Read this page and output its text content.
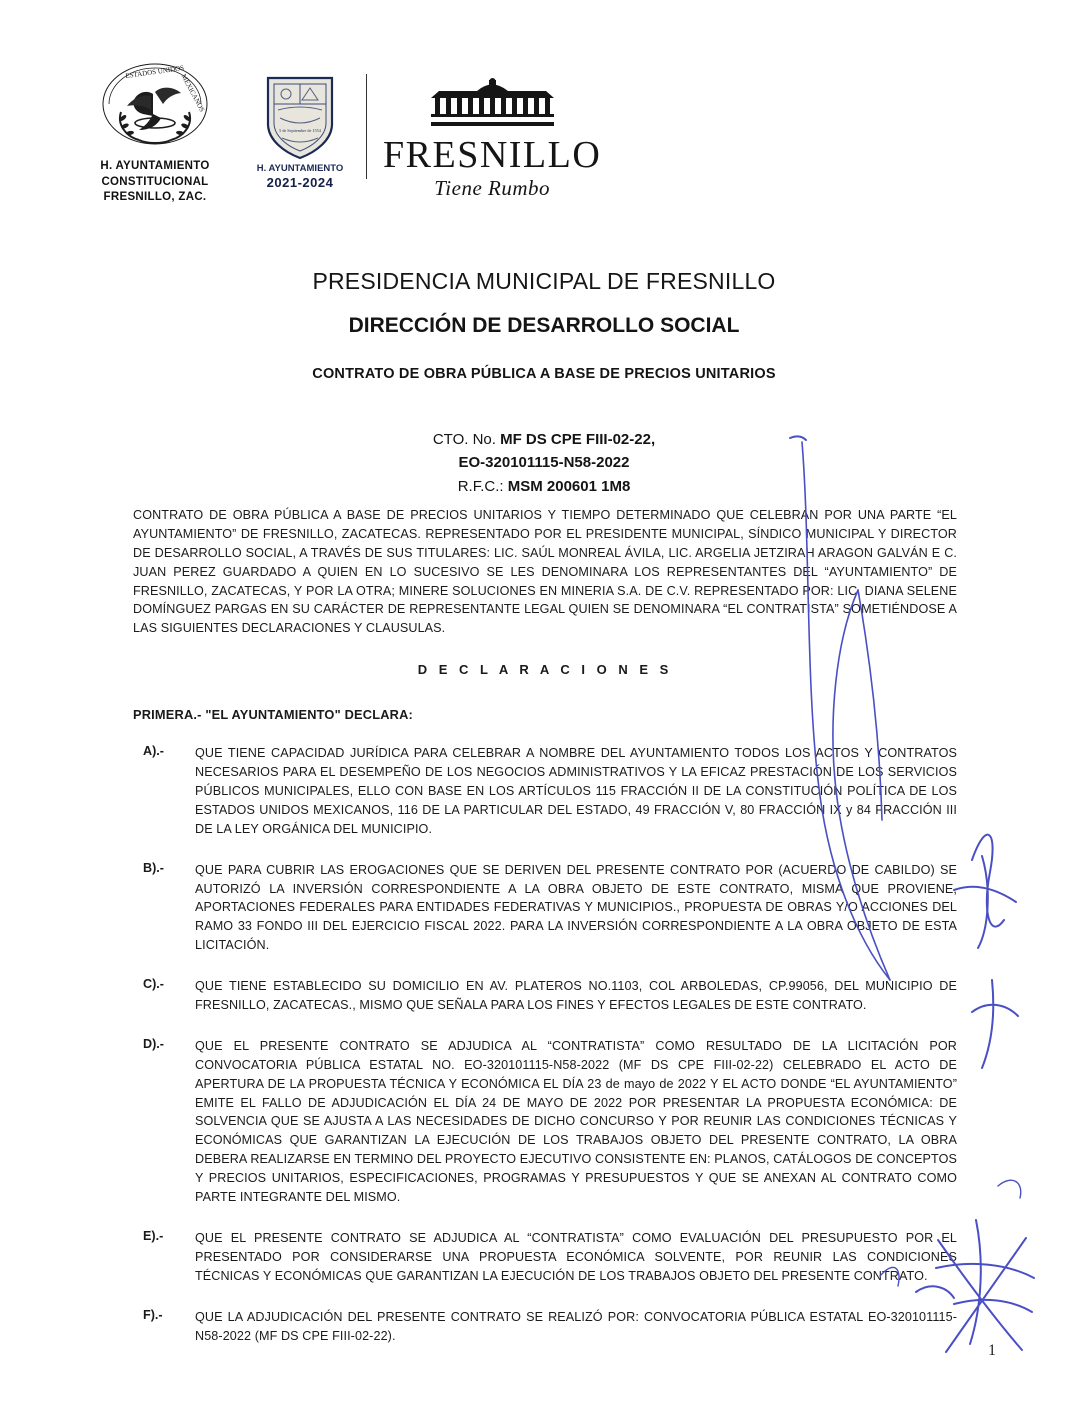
ESTADOS UNIDOS
MEXICANOS
H. AYUNTAMIENTO
CONSTITUCIONAL
FRESNILLO, ZAC.
5 de Septiembre de 1554
H. AYUNTAMIENTO
2021-2024
FRESNILLO
Tiene Rumbo
PRESIDENCIA MUNICIPAL DE FRESNILLO
DIRECCIÓN DE DESARROLLO SOCIAL
CONTRATO DE OBRA PÚBLICA A BASE DE PRECIOS UNITARIOS
CTO. No. MF DS CPE FIII-02-22,
EO-320101115-N58-2022
R.F.C.: MSM 200601 1M8

CONTRATO DE OBRA PÚBLICA A BASE DE PRECIOS UNITARIOS Y TIEMPO DETERMINADO QUE CELEBRAN POR UNA PARTE “EL AYUNTAMIENTO” DE FRESNILLO, ZACATECAS. REPRESENTADO POR EL PRESIDENTE MUNICIPAL, SÍNDICO MUNICIPAL Y DIRECTOR DE DESARROLLO SOCIAL, A TRAVÉS DE SUS TITULARES: LIC. SAÚL MONREAL ÁVILA, LIC. ARGELIA JETZIRAH ARAGON GALVÁN E C. JUAN PEREZ GUARDADO A QUIEN EN LO SUCESIVO SE LES DENOMINARA LOS REPRESENTANTES DEL “AYUNTAMIENTO” DE FRESNILLO, ZACATECAS, Y POR LA OTRA; MINERE SOLUCIONES EN MINERIA S.A. DE C.V. REPRESENTADO POR: LIC. DIANA SELENE DOMÍNGUEZ PARGAS EN SU CARÁCTER DE REPRESENTANTE LEGAL QUIEN SE DENOMINARA “EL CONTRATISTA” SOMETIÉNDOSE A LAS SIGUIENTES DECLARACIONES Y CLAUSULAS.

D E C L A R A C I O N E S
PRIMERA.- "EL AYUNTAMIENTO" DECLARA:
A).-	QUE TIENE CAPACIDAD JURÍDICA PARA CELEBRAR A NOMBRE DEL AYUNTAMIENTO TODOS LOS ACTOS Y CONTRATOS NECESARIOS PARA EL DESEMPEÑO DE LOS NEGOCIOS ADMINISTRATIVOS Y LA EFICAZ PRESTACIÓN DE LOS SERVICIOS PÚBLICOS MUNICIPALES, ELLO CON BASE EN LOS ARTÍCULOS 115 FRACCIÓN II DE LA CONSTITUCIÓN POLÍTICA DE LOS ESTADOS UNIDOS MEXICANOS, 116 DE LA PARTICULAR DEL ESTADO, 49 FRACCIÓN V, 80 FRACCIÓN IX y 84 FRACCIÓN III DE LA LEY ORGÁNICA DEL MUNICIPIO.
B).-	QUE PARA CUBRIR LAS EROGACIONES QUE SE DERIVEN DEL PRESENTE CONTRATO POR (ACUERDO DE CABILDO) SE AUTORIZÓ LA INVERSIÓN CORRESPONDIENTE A LA OBRA OBJETO DE ESTE CONTRATO, MISMA QUE PROVIENE, APORTACIONES FEDERALES PARA ENTIDADES FEDERATIVAS Y MUNICIPIOS., PROPUESTA DE OBRAS Y/O ACCIONES DEL RAMO 33 FONDO III DEL EJERCICIO FISCAL 2022. PARA LA INVERSIÓN CORRESPONDIENTE A LA OBRA OBJETO DE ESTA LICITACIÓN.
C).-	QUE TIENE ESTABLECIDO SU DOMICILIO EN AV. PLATEROS NO.1103, COL ARBOLEDAS, CP.99056, DEL MUNICIPIO DE FRESNILLO, ZACATECAS., MISMO QUE SEÑALA PARA LOS FINES Y EFECTOS LEGALES DE ESTE CONTRATO.
D).-	QUE EL PRESENTE CONTRATO SE ADJUDICA AL “CONTRATISTA” COMO RESULTADO DE LA LICITACIÓN POR CONVOCATORIA PÚBLICA ESTATAL NO. EO-320101115-N58-2022 (MF DS CPE FIII-02-22) CELEBRADO EL ACTO DE APERTURA DE LA PROPUESTA TÉCNICA Y ECONÓMICA EL DÍA 23 de mayo de 2022 Y EL ACTO DONDE “EL AYUNTAMIENTO” EMITE EL FALLO DE ADJUDICACIÓN EL DÍA 24 DE MAYO DE 2022 POR PRESENTAR LA PROPUESTA ECONÓMICA: DE SOLVENCIA QUE SE AJUSTA A LAS NECESIDADES DE DICHO CONCURSO Y POR REUNIR LAS CONDICIONES TÉCNICAS Y ECONÓMICAS QUE GARANTIZAN LA EJECUCIÓN DE LOS TRABAJOS OBJETO DEL PRESENTE CONTRATO, LA OBRA DEBERA REALIZARSE EN TERMINO DEL PROYECTO EJECUTIVO CONSISTENTE EN: PLANOS, CATÁLOGOS DE CONCEPTOS Y PRECIOS UNITARIOS, ESPECIFICACIONES, PROGRAMAS Y PRESUPUESTOS Y QUE SE ANEXAN AL CONTRATO COMO PARTE INTEGRANTE DEL MISMO.
E).-	QUE EL PRESENTE CONTRATO SE ADJUDICA AL “CONTRATISTA” COMO EVALUACIÓN DEL PRESUPUESTO POR EL PRESENTADO POR CONSIDERARSE UNA PROPUESTA ECONÓMICA SOLVENTE, POR REUNIR LAS CONDICIONES TÉCNICAS Y ECONÓMICAS QUE GARANTIZAN LA EJECUCIÓN DE LOS TRABAJOS OBJETO DEL PRESENTE CONTRATO.
F).-	QUE LA ADJUDICACIÓN DEL PRESENTE CONTRATO SE REALIZÓ POR: CONVOCATORIA PÚBLICA ESTATAL EO-320101115-N58-2022 (MF DS CPE FIII-02-22).
1
